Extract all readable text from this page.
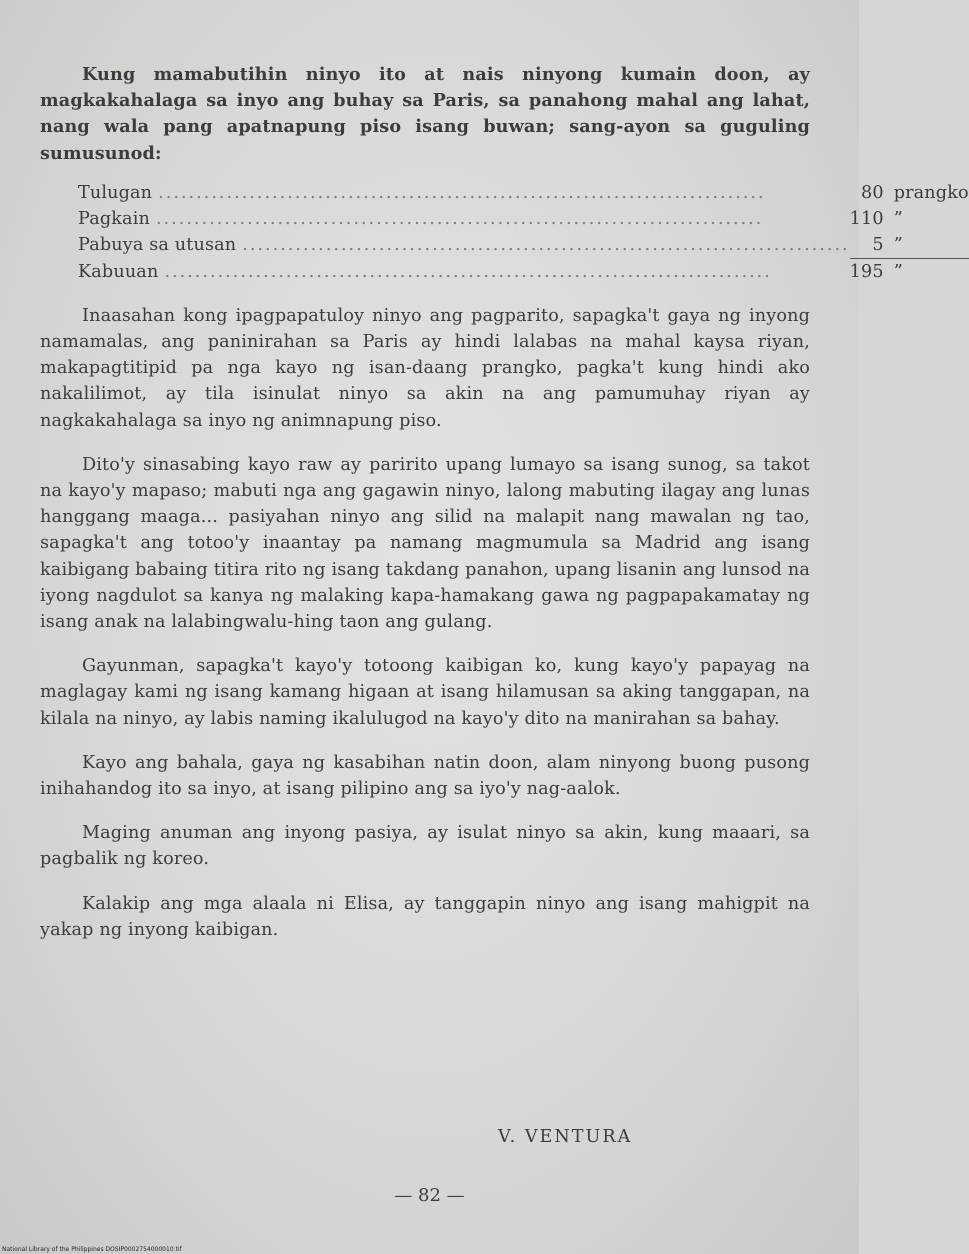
Kung mamabutihin ninyo ito at nais ninyong kumain doon, ay magkakahalaga sa inyo ang buhay sa Paris, sa panahong mahal ang lahat, nang wala pang apatnapung piso isang buwan; sang-ayon sa guguling sumusunod:

Tulugan ................................................................................	80	prangko
Pagkain ................................................................................	110	”
Pabuya sa utusan ................................................................................	5	”
Kabuuan ................................................................................	195	”

Inaasahan kong ipagpapatuloy ninyo ang pagparito, sapagka't gaya ng inyong namamalas, ang paninirahan sa Paris ay hindi lalabas na mahal kaysa riyan, makapagtitipid pa nga kayo ng isan-daang prangko, pagka't kung hindi ako nakalilimot, ay tila isinulat ninyo sa akin na ang pamumuhay riyan ay nagkakahalaga sa inyo ng animnapung piso.

Dito'y sinasabing kayo raw ay paririto upang lumayo sa isang sunog, sa takot na kayo'y mapaso; mabuti nga ang gagawin ninyo, lalong mabuting ilagay ang lunas hanggang maaga... pasiyahan ninyo ang silid na malapit nang mawalan ng tao, sapagka't ang totoo'y inaantay pa namang magmumula sa Madrid ang isang kaibigang babaing titira rito ng isang takdang panahon, upang lisanin ang lunsod na iyong nagdulot sa kanya ng malaking kapa-hamakang gawa ng pagpapakamatay ng isang anak na lalabingwalu-hing taon ang gulang.

Gayunman, sapagka't kayo'y totoong kaibigan ko, kung kayo'y papayag na maglagay kami ng isang kamang higaan at isang hilamusan sa aking tanggapan, na kilala na ninyo, ay labis naming ikalulugod na kayo'y dito na manirahan sa bahay.

Kayo ang bahala, gaya ng kasabihan natin doon, alam ninyong buong pusong inihahandog ito sa inyo, at isang pilipino ang sa iyo'y nag-aalok.

Maging anuman ang inyong pasiya, ay isulat ninyo sa akin, kung maaari, sa pagbalik ng koreo.

Kalakip ang mga alaala ni Elisa, ay tanggapin ninyo ang isang mahigpit na yakap ng inyong kaibigan.

V. VENTURA
— 82 —
National Library of the Philippines DOSIP0002754000010.tif
